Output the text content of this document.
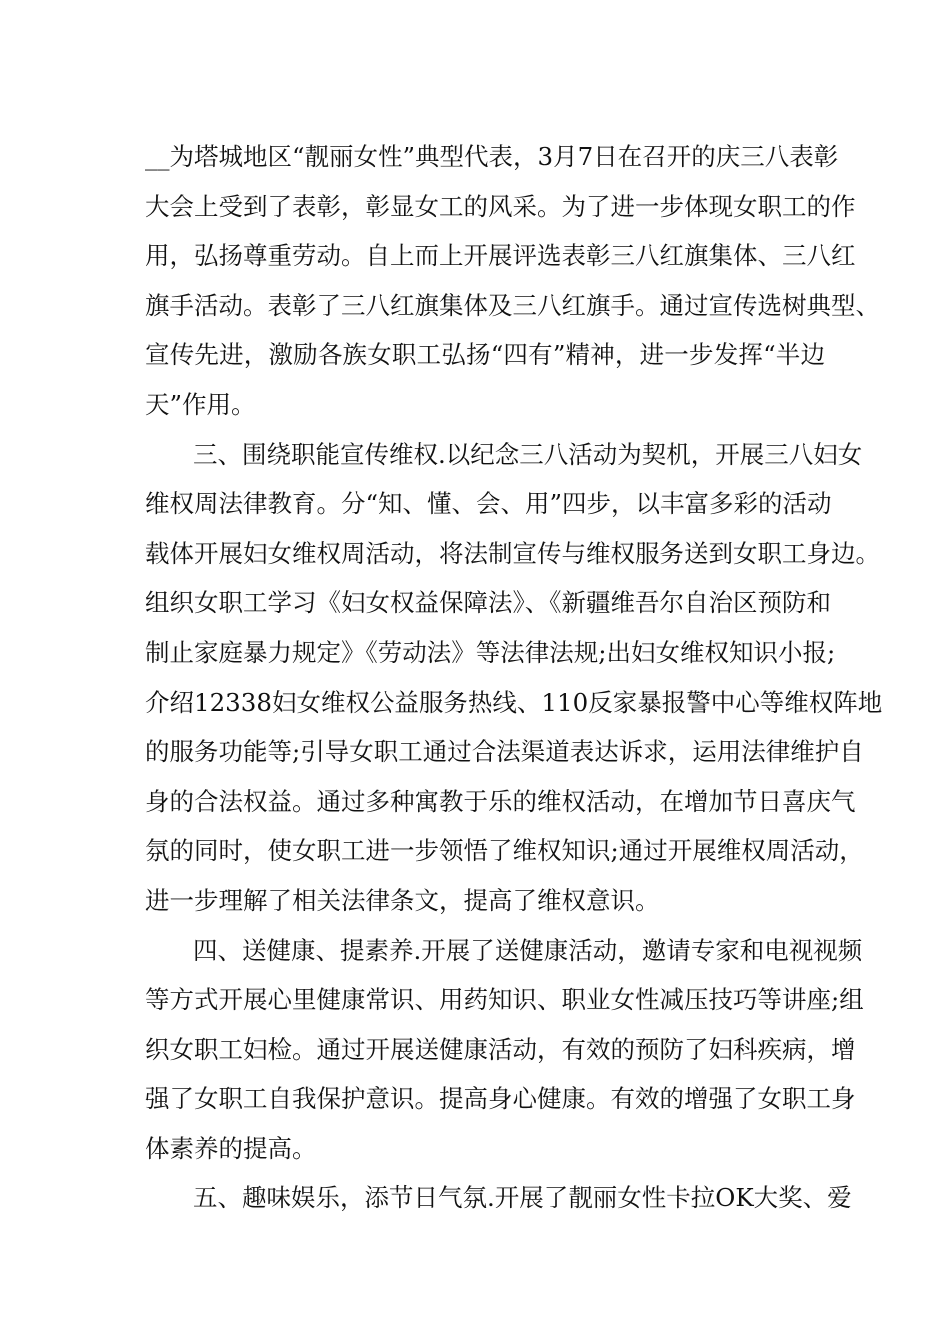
__为塔城地区“靓丽女性”典型代表，3月7日在召开的庆三八表彰
大会上受到了表彰，彰显女工的风采。为了进一步体现女职工的作
用，弘扬尊重劳动。自上而上开展评选表彰三八红旗集体、三八红
旗手活动。表彰了三八红旗集体及三八红旗手。通过宣传选树典型、
宣传先进，激励各族女职工弘扬“四有”精神，进一步发挥“半边
天”作用。
三、围绕职能宣传维权.以纪念三八活动为契机，开展三八妇女
维权周法律教育。分“知、懂、会、用”四步，以丰富多彩的活动
载体开展妇女维权周活动，将法制宣传与维权服务送到女职工身边。
组织女职工学习《妇女权益保障法》、《新疆维吾尔自治区预防和
制止家庭暴力规定》《劳动法》等法律法规;出妇女维权知识小报;
介绍12338妇女维权公益服务热线、110反家暴报警中心等维权阵地
的服务功能等;引导女职工通过合法渠道表达诉求，运用法律维护自
身的合法权益。通过多种寓教于乐的维权活动，在增加节日喜庆气
氛的同时，使女职工进一步领悟了维权知识;通过开展维权周活动，
进一步理解了相关法律条文，提高了维权意识。
四、送健康、提素养.开展了送健康活动，邀请专家和电视视频
等方式开展心里健康常识、用药知识、职业女性减压技巧等讲座;组
织女职工妇检。通过开展送健康活动，有效的预防了妇科疾病，增
强了女职工自我保护意识。提高身心健康。有效的增强了女职工身
体素养的提高。
五、趣味娱乐，添节日气氛.开展了靓丽女性卡拉OK大奖、爱
